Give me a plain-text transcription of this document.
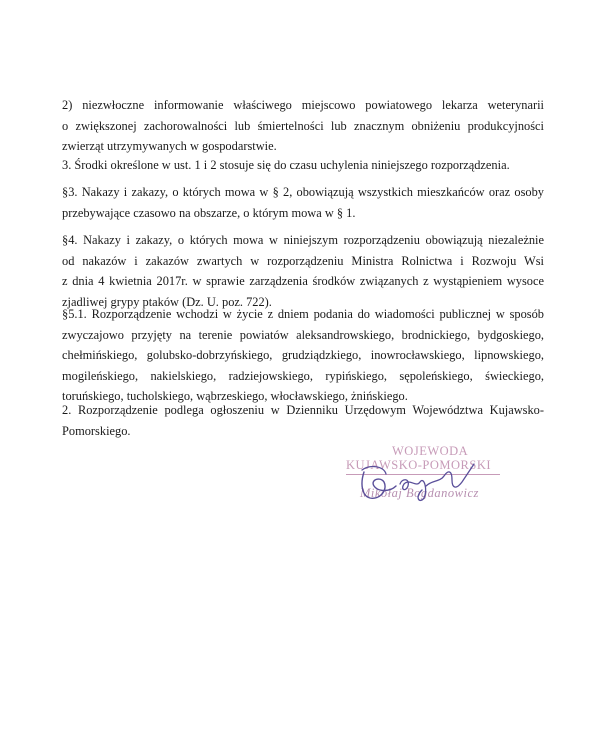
2) niezwłoczne informowanie właściwego miejscowo powiatowego lekarza weterynarii
o zwiększonej zachorowalności lub śmiertelności lub znacznym obniżeniu produkcyjności
zwierząt utrzymywanych w gospodarstwie.

3. Środki określone w ust. 1 i 2 stosuje się do czasu uchylenia niniejszego rozporządzenia.

§3. Nakazy i zakazy, o których mowa w § 2, obowiązują wszystkich mieszkańców oraz osoby
przebywające czasowo na obszarze, o którym mowa w § 1.

§4. Nakazy i zakazy, o których mowa w niniejszym rozporządzeniu obowiązują niezależnie
od nakazów i zakazów zwartych w rozporządzeniu Ministra Rolnictwa i Rozwoju Wsi
z dnia 4 kwietnia 2017r. w sprawie zarządzenia środków związanych z wystąpieniem wysoce
zjadliwej grypy ptaków (Dz. U. poz. 722).

§5.1. Rozporządzenie wchodzi w życie z dniem podania do wiadomości publicznej w sposób
zwyczajowo przyjęty na terenie powiatów aleksandrowskiego, brodnickiego, bydgoskiego,
chełmińskiego, golubsko-dobrzyńskiego, grudziądzkiego, inowrocławskiego, lipnowskiego,
mogileńskiego, nakielskiego, radziejowskiego, rypińskiego, sępoleńskiego, świeckiego,
toruńskiego, tucholskiego, wąbrzeskiego, włocławskiego, żnińskiego.

2. Rozporządzenie podlega ogłoszeniu w Dzienniku Urzędowym Województwa Kujawsko-
Pomorskiego.

WOJEWODA
KUJAWSKO-POMORSKI
Mikołaj Bogdanowicz
